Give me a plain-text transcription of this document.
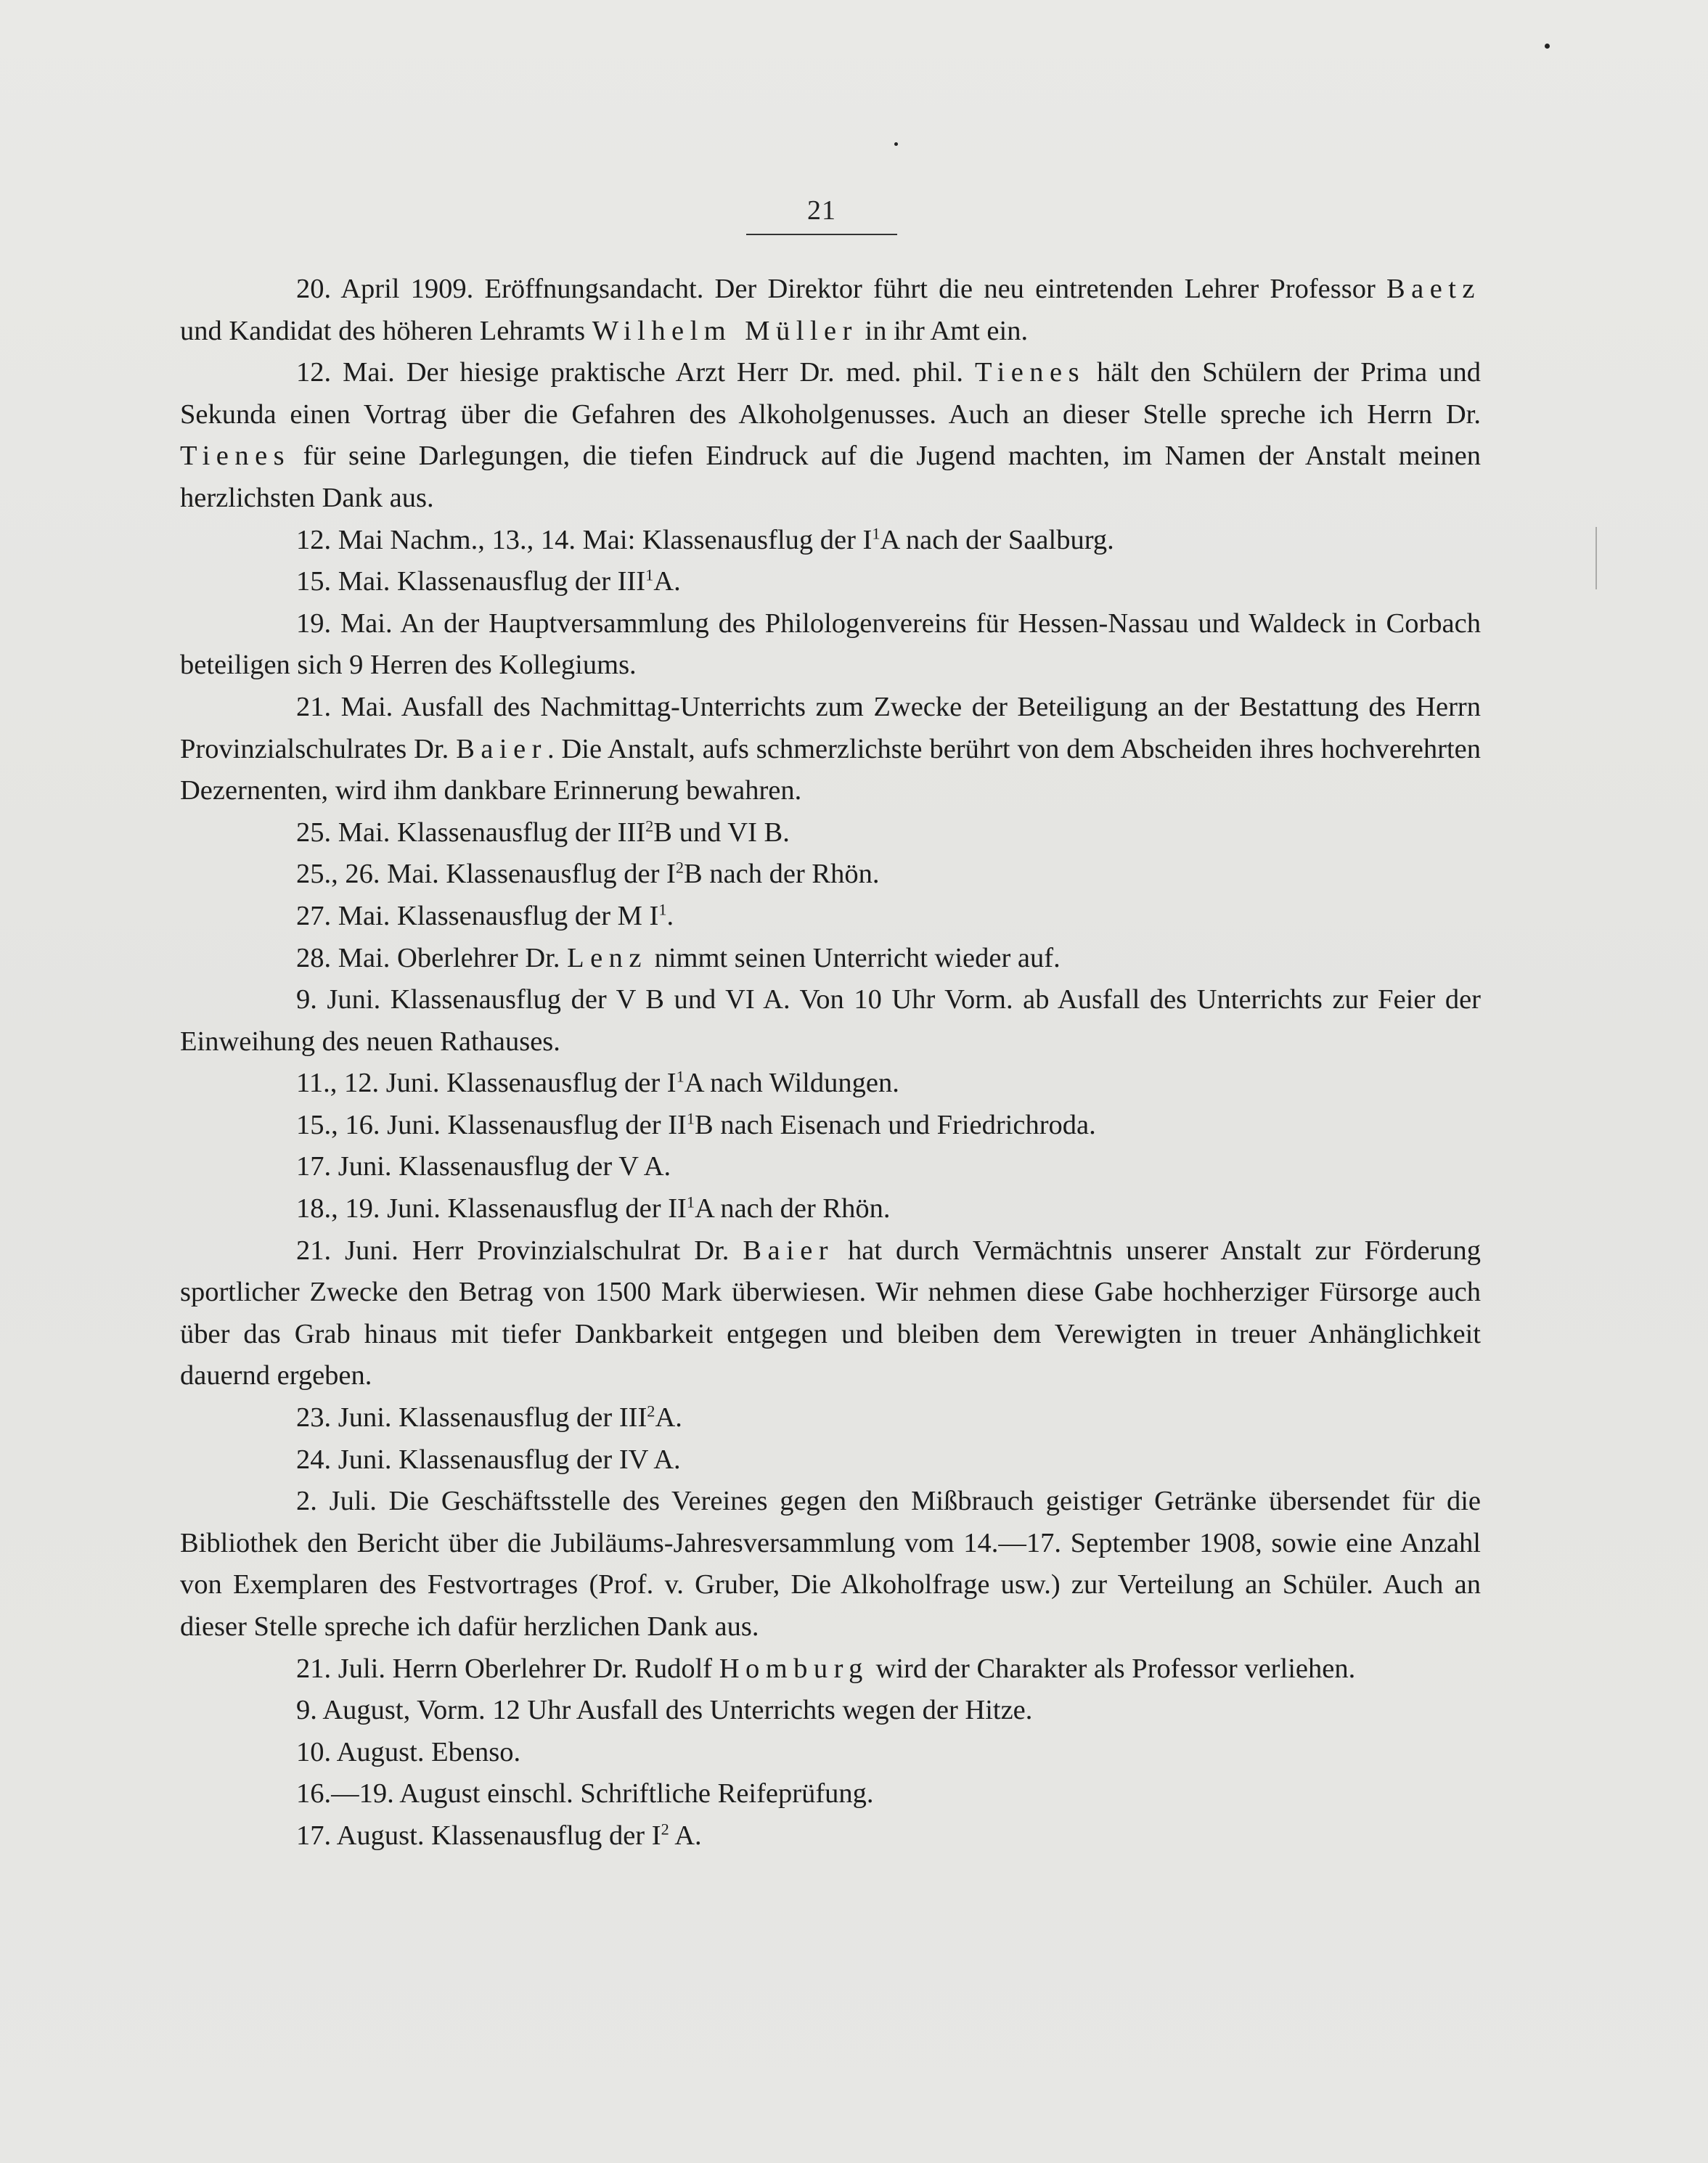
21

20. April 1909. Eröffnungsandacht. Der Direktor führt die neu eintretenden Lehrer Professor Baetz und Kandidat des höheren Lehramts Wilhelm Müller in ihr Amt ein.

12. Mai. Der hiesige praktische Arzt Herr Dr. med. phil. Tienes hält den Schülern der Prima und Sekunda einen Vortrag über die Gefahren des Alkoholgenusses. Auch an dieser Stelle spreche ich Herrn Dr. Tienes für seine Darlegungen, die tiefen Eindruck auf die Jugend machten, im Namen der Anstalt meinen herzlichsten Dank aus.

12. Mai Nachm., 13., 14. Mai: Klassenausflug der $I^1A$ nach der Saalburg.

15. Mai. Klassenausflug der III$^1$A.

19. Mai. An der Hauptversammlung des Philologenvereins für Hessen-Nassau und Waldeck in Corbach beteiligen sich 9 Herren des Kollegiums.

21. Mai. Ausfall des Nachmittag-Unterrichts zum Zwecke der Beteiligung an der Bestattung des Herrn Provinzialschulrates Dr. Baier. Die Anstalt, aufs schmerzlichste berührt von dem Abscheiden ihres hochverehrten Dezernenten, wird ihm dankbare Erinnerung bewahren.

25. Mai. Klassenausflug der III$^2$B und VI B.

25., 26. Mai. Klassenausflug der $I^2B$ nach der Rhön.

27. Mai. Klassenausflug der M $I^1$.

28. Mai. Oberlehrer Dr. Lenz nimmt seinen Unterricht wieder auf.

9. Juni. Klassenausflug der V B und VI A. Von 10 Uhr Vorm. ab Ausfall des Unterrichts zur Feier der Einweihung des neuen Rathauses.

11., 12. Juni. Klassenausflug der $I^1A$ nach Wildungen.

15., 16. Juni. Klassenausflug der $II^1B$ nach Eisenach und Friedrichroda.

17. Juni. Klassenausflug der V A.

18., 19. Juni. Klassenausflug der $II^1A$ nach der Rhön.

21. Juni. Herr Provinzialschulrat Dr. Baier hat durch Vermächtnis unserer Anstalt zur Förderung sportlicher Zwecke den Betrag von 1500 Mark überwiesen. Wir nehmen diese Gabe hochherziger Fürsorge auch über das Grab hinaus mit tiefer Dankbarkeit entgegen und bleiben dem Verewigten in treuer Anhänglichkeit dauernd ergeben.

23. Juni. Klassenausflug der III$^2$A.

24. Juni. Klassenausflug der IV A.

2. Juli. Die Geschäftsstelle des Vereines gegen den Mißbrauch geistiger Getränke übersendet für die Bibliothek den Bericht über die Jubiläums-Jahresversammlung vom 14.—17. September 1908, sowie eine Anzahl von Exemplaren des Festvortrages (Prof. v. Gruber, Die Alkoholfrage usw.) zur Verteilung an Schüler. Auch an dieser Stelle spreche ich dafür herzlichen Dank aus.

21. Juli. Herrn Oberlehrer Dr. Rudolf Homburg wird der Charakter als Professor verliehen.

9. August, Vorm. 12 Uhr Ausfall des Unterrichts wegen der Hitze.

10. August. Ebenso.

16.—19. August einschl. Schriftliche Reifeprüfung.

17. August. Klassenausflug der $I^2$ A.
